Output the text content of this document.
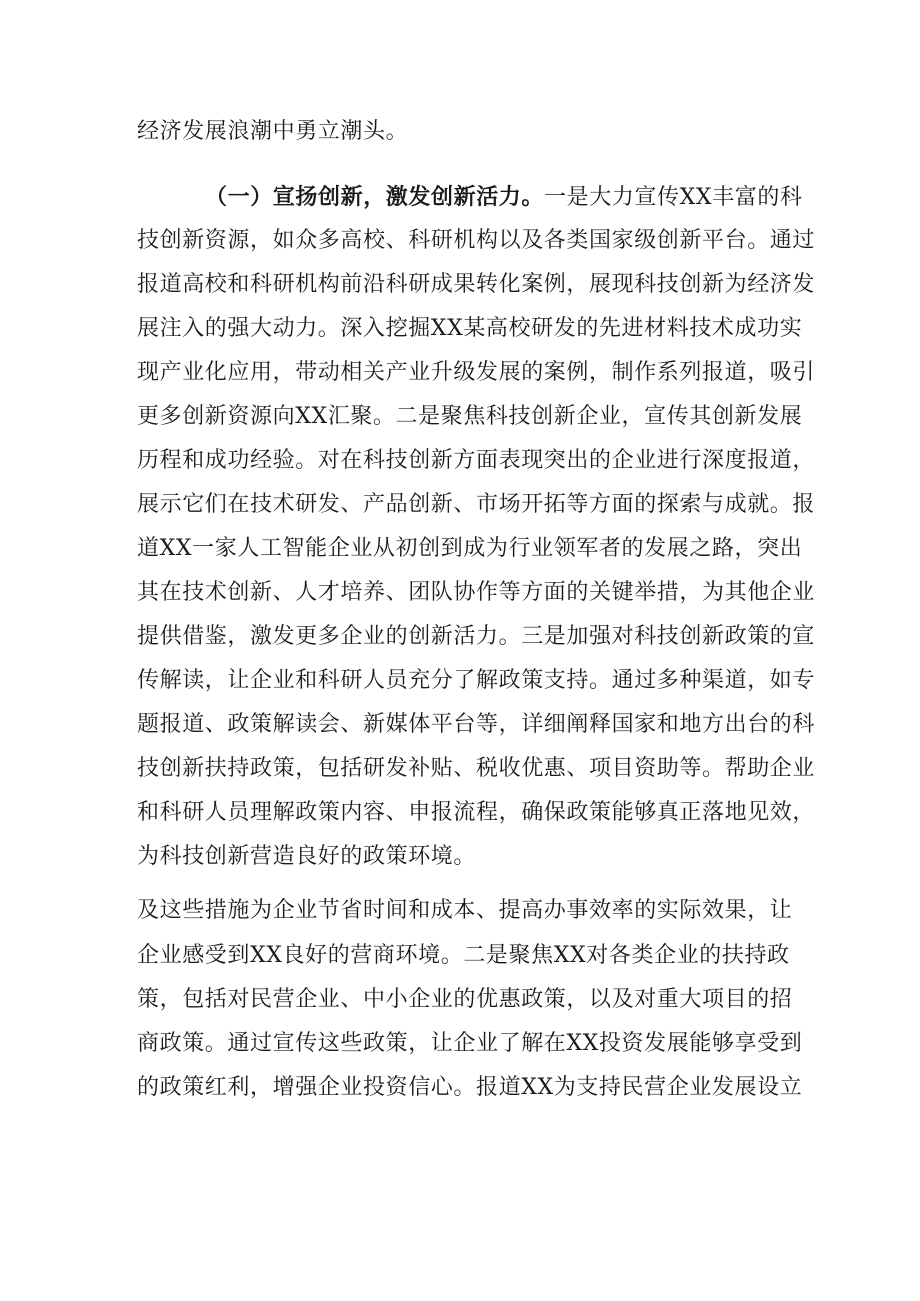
经济发展浪潮中勇立潮头。
（一）宣扬创新，激发创新活力。一是大力宣传XX丰富的科
技创新资源，如众多高校、科研机构以及各类国家级创新平台。通过
报道高校和科研机构前沿科研成果转化案例，展现科技创新为经济发
展注入的强大动力。深入挖掘XX某高校研发的先进材料技术成功实
现产业化应用，带动相关产业升级发展的案例，制作系列报道，吸引
更多创新资源向XX汇聚。二是聚焦科技创新企业，宣传其创新发展
历程和成功经验。对在科技创新方面表现突出的企业进行深度报道，
展示它们在技术研发、产品创新、市场开拓等方面的探索与成就。报
道XX一家人工智能企业从初创到成为行业领军者的发展之路，突出
其在技术创新、人才培养、团队协作等方面的关键举措，为其他企业
提供借鉴，激发更多企业的创新活力。三是加强对科技创新政策的宣
传解读，让企业和科研人员充分了解政策支持。通过多种渠道，如专
题报道、政策解读会、新媒体平台等，详细阐释国家和地方出台的科
技创新扶持政策，包括研发补贴、税收优惠、项目资助等。帮助企业
和科研人员理解政策内容、申报流程，确保政策能够真正落地见效，
为科技创新营造良好的政策环境。
及这些措施为企业节省时间和成本、提高办事效率的实际效果，让
企业感受到XX良好的营商环境。二是聚焦XX对各类企业的扶持政
策，包括对民营企业、中小企业的优惠政策，以及对重大项目的招
商政策。通过宣传这些政策，让企业了解在XX投资发展能够享受到
的政策红利，增强企业投资信心。报道XX为支持民营企业发展设立
